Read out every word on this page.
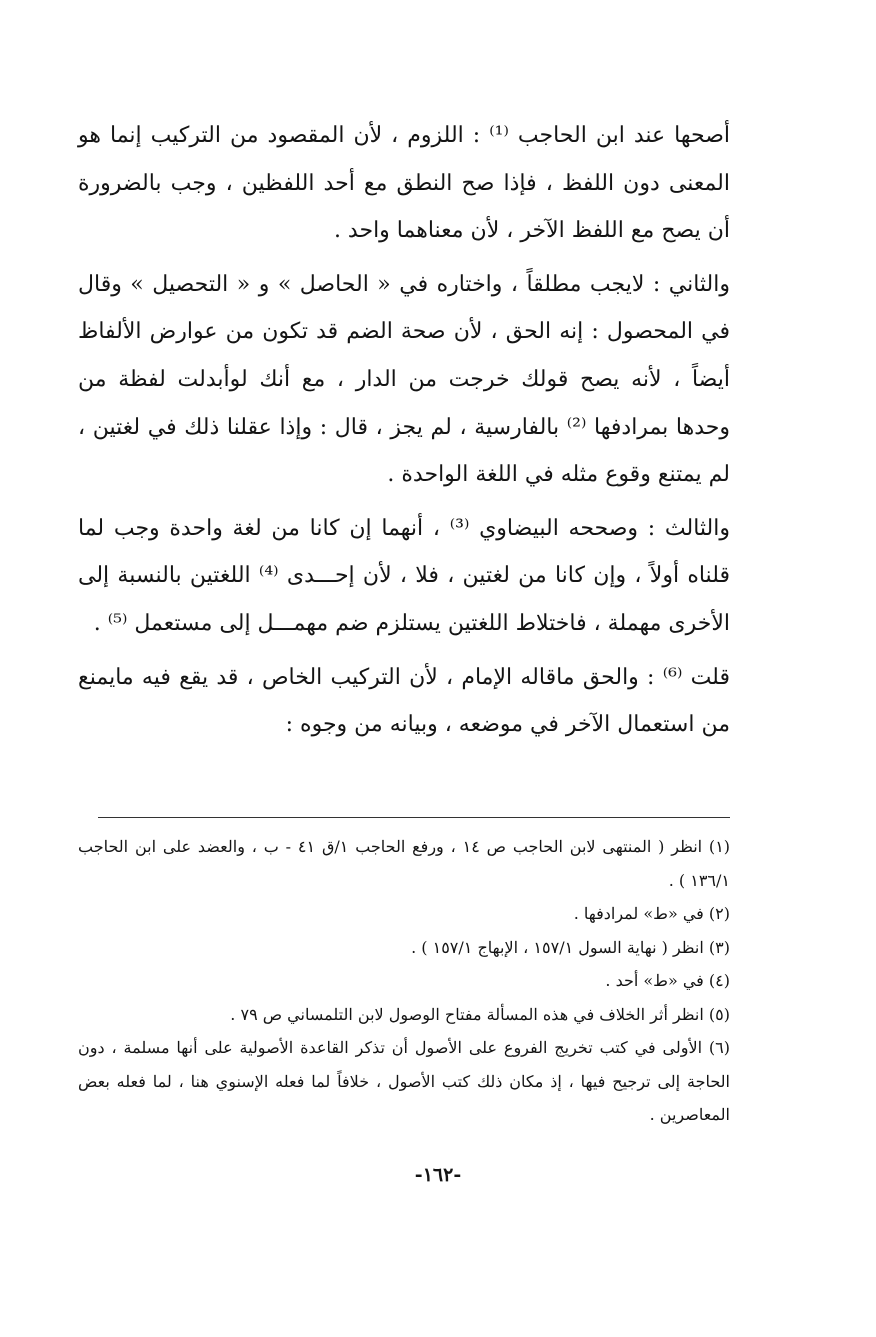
أصحها عند ابن الحاجب ⁽¹⁾ : اللزوم ، لأن المقصود من التركيب إنما هو المعنى دون اللفظ ، فإذا صح النطق مع أحد اللفظين ، وجب بالضرورة أن يصح مع اللفظ الآخر ، لأن معناهما واحد .

والثاني : لايجب مطلقاً ، واختاره في « الحاصل » و « التحصيل » وقال في المحصول : إنه الحق ، لأن صحة الضم قد تكون من عوارض الألفاظ أيضاً ، لأنه يصح قولك خرجت من الدار ، مع أنك لوأبدلت لفظة من وحدها بمرادفها ⁽²⁾ بالفارسية ، لم يجز ، قال : وإذا عقلنا ذلك في لغتين ، لم يمتنع وقوع مثله في اللغة الواحدة .

والثالث : وصححه البيضاوي ⁽³⁾ ، أنهما إن كانا من لغة واحدة وجب لما قلناه أولاً ، وإن كانا من لغتين ، فلا ، لأن إحـــدى ⁽⁴⁾ اللغتين بالنسبة إلى الأخرى مهملة ، فاختلاط اللغتين يستلزم ضم مهمـــل إلى مستعمل ⁽⁵⁾ .

قلت ⁽⁶⁾ : والحق ماقاله الإمام ، لأن التركيب الخاص ، قد يقع فيه مايمنع من استعمال الآخر في موضعه ، وبيانه من وجوه :

(١) انظر ( المنتهى لابن الحاجب ص ١٤ ، ورفع الحاجب ١/ق ٤١ - ب ، والعضد على ابن الحاجب ١٣٦/١ ) .

(٢) في «ط» لمرادفها .

(٣) انظر ( نهاية السول ١٥٧/١ ، الإبهاج ١٥٧/١ ) .

(٤) في «ط» أحد .

(٥) انظر أثر الخلاف في هذه المسألة مفتاح الوصول لابن التلمساني ص ٧٩ .

(٦) الأولى في كتب تخريج الفروع على الأصول أن تذكر القاعدة الأصولية على أنها مسلمة ، دون الحاجة إلى ترجيح فيها ، إذ مكان ذلك كتب الأصول ، خلافاً لما فعله الإسنوي هنا ، لما فعله بعض المعاصرين .

-١٦٢-
